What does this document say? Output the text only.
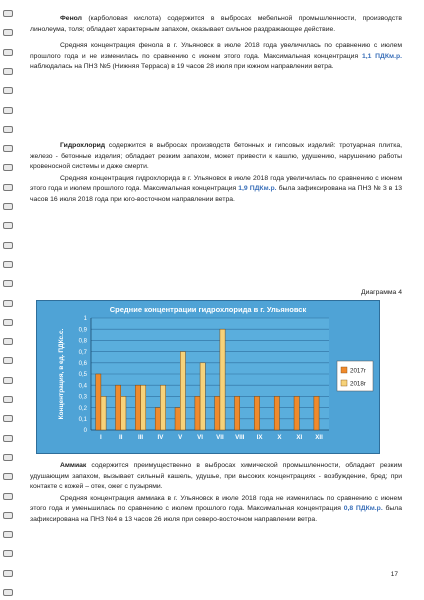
Фенол (карболовая кислота) содержится в выбросах мебельной промышленности, производств линолеума, толя; обладает характерным запахом, оказывает сильное раздражающее действие.

Средняя концентрация фенола в г. Ульяновск в июле 2018 года увеличилась по сравнению с июлем прошлого года и не изменилась по сравнению с июнем этого года. Максимальная концентрация 1,1 ПДКм.р. наблюдалась на ПНЗ №5 (Нижняя Терраса) в 19 часов 28 июля при южном направлении ветра.

Гидрохлорид содержится в выбросах производств бетонных и гипсовых изделий: тротуарная плитка, железо - бетонные изделия; обладает резким запахом, может привести к кашлю, удушению, нарушению работы кровеносной системы и даже смерти.

Средняя концентрация гидрохлорида в г. Ульяновск в июле 2018 года увеличилась по сравнению с июнем этого года и июлем прошлого года. Максимальная концентрация 1,9 ПДКм.р. была зафиксирована на ПНЗ № 3 в 13 часов 16 июля 2018 года при юго-восточном направлении ветра.

Диаграмма 4
Средние концентрации гидрохлорида в г. Ульяновск
0
0,1
0,2
0,3
0,4
0,5
0,6
0,7
0,8
0,9
1
Концентрация, в ед. ПДКс.с.
I	II	III IV V VI VII VIII IX X XI XII
2017г
2018г

Аммиак содержится преимущественно в выбросах химической промышленности, обладает резким удушающим запахом, вызывает сильный кашель, удушье, при высоких концентрациях - возбуждение, бред; при контакте с кожей – отек, ожег с пузырями.

Средняя концентрация аммиака в г. Ульяновск в июле 2018 года не изменилась по сравнению с июнем этого года и уменьшилась по сравнению с июлем прошлого года. Максимальная концентрация 0,8 ПДКм.р. была зафиксирована на ПНЗ №4 в 13 часов 26 июля при северо-восточном направлении ветра.

17
